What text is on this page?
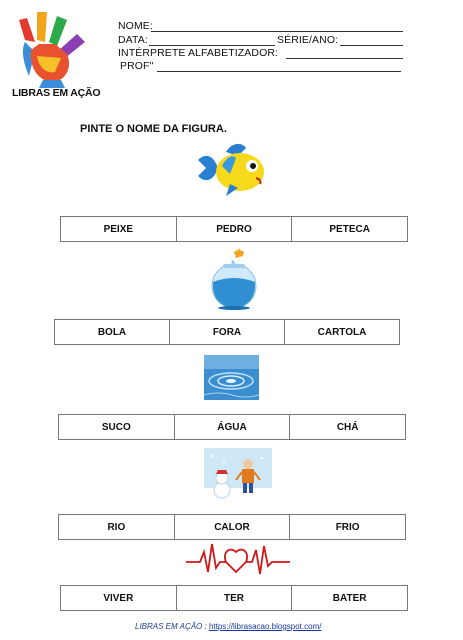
LIBRAS EM AÇÃO
NOME:
DATA:	SÉRIE/ANO:
INTÉRPRETE ALFABETIZADOR:
PROF"
PINTE O NOME DA FIGURA.
PEIXE	PEDRO	PETECA
BOLA	FORA	CARTOLA
SUCO	ÁGUA	CHÁ
RIO	CALOR	FRIO
VIVER	TER	BATER
LIBRAS EM AÇÃO : https://librasacao.blogspot.com/
